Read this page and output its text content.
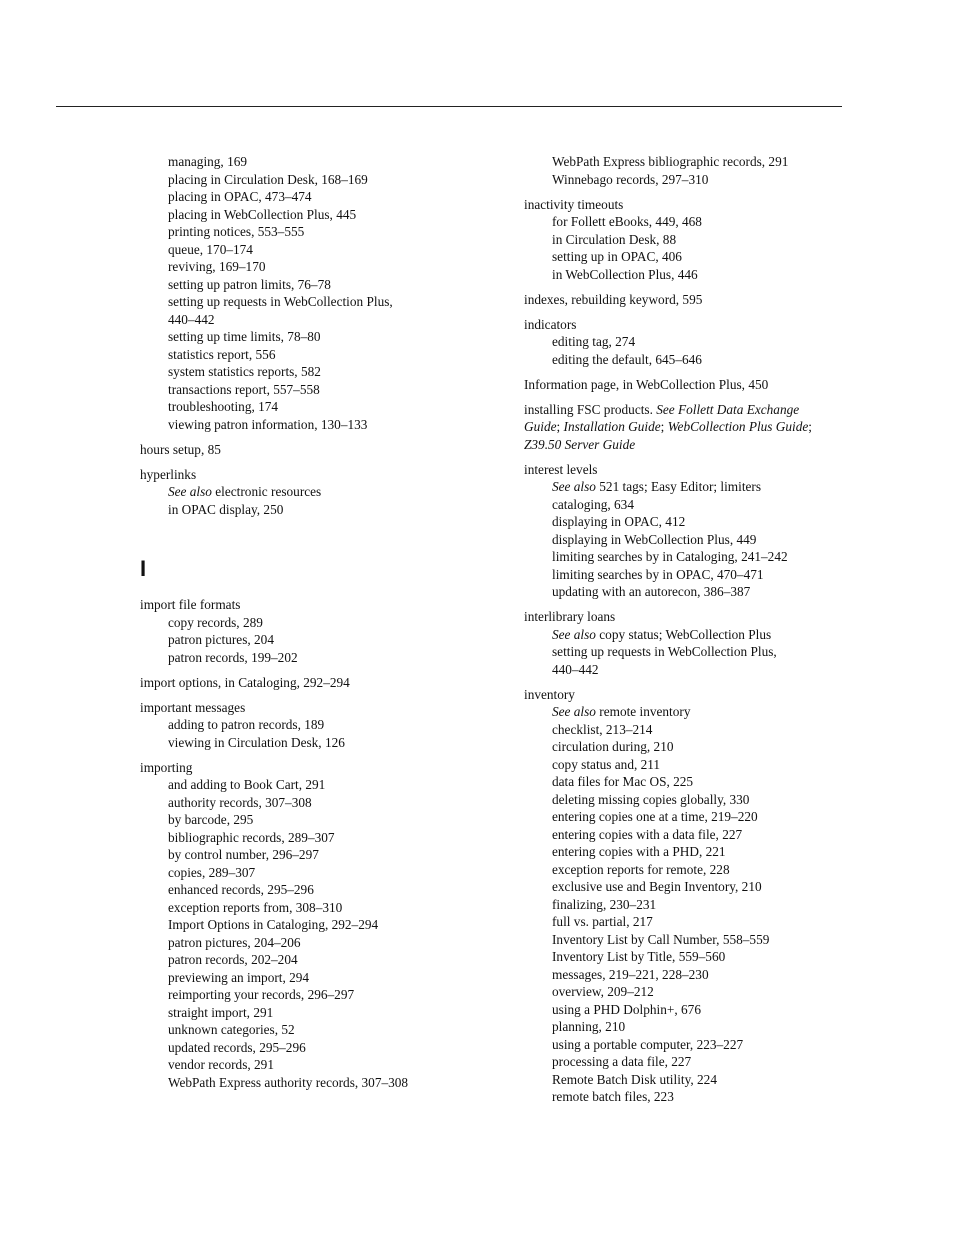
managing, 169
placing in Circulation Desk, 168–169
placing in OPAC, 473–474
placing in WebCollection Plus, 445
printing notices, 553–555
queue, 170–174
reviving, 169–170
setting up patron limits, 76–78
setting up requests in WebCollection Plus,
440–442
setting up time limits, 78–80
statistics report, 556
system statistics reports, 582
transactions report, 557–558
troubleshooting, 174
viewing patron information, 130–133
hours setup, 85
hyperlinks
See also electronic resources
in OPAC display, 250
I
import file formats
copy records, 289
patron pictures, 204
patron records, 199–202
import options, in Cataloging, 292–294
important messages
adding to patron records, 189
viewing in Circulation Desk, 126
importing
and adding to Book Cart, 291
authority records, 307–308
by barcode, 295
bibliographic records, 289–307
by control number, 296–297
copies, 289–307
enhanced records, 295–296
exception reports from, 308–310
Import Options in Cataloging, 292–294
patron pictures, 204–206
patron records, 202–204
previewing an import, 294
reimporting your records, 296–297
straight import, 291
unknown categories, 52
updated records, 295–296
vendor records, 291
WebPath Express authority records, 307–308
WebPath Express bibliographic records, 291
Winnebago records, 297–310
inactivity timeouts
for Follett eBooks, 449, 468
in Circulation Desk, 88
setting up in OPAC, 406
in WebCollection Plus, 446
indexes, rebuilding keyword, 595
indicators
editing tag, 274
editing the default, 645–646
Information page, in WebCollection Plus, 450
installing FSC products. See Follett Data Exchange
Guide; Installation Guide; WebCollection Plus Guide;
Z39.50 Server Guide
interest levels
See also 521 tags; Easy Editor; limiters
cataloging, 634
displaying in OPAC, 412
displaying in WebCollection Plus, 449
limiting searches by in Cataloging, 241–242
limiting searches by in OPAC, 470–471
updating with an autorecon, 386–387
interlibrary loans
See also copy status; WebCollection Plus
setting up requests in WebCollection Plus,
440–442
inventory
See also remote inventory
checklist, 213–214
circulation during, 210
copy status and, 211
data files for Mac OS, 225
deleting missing copies globally, 330
entering copies one at a time, 219–220
entering copies with a data file, 227
entering copies with a PHD, 221
exception reports for remote, 228
exclusive use and Begin Inventory, 210
finalizing, 230–231
full vs. partial, 217
Inventory List by Call Number, 558–559
Inventory List by Title, 559–560
messages, 219–221, 228–230
overview, 209–212
using a PHD Dolphin+, 676
planning, 210
using a portable computer, 223–227
processing a data file, 227
Remote Batch Disk utility, 224
remote batch files, 223
